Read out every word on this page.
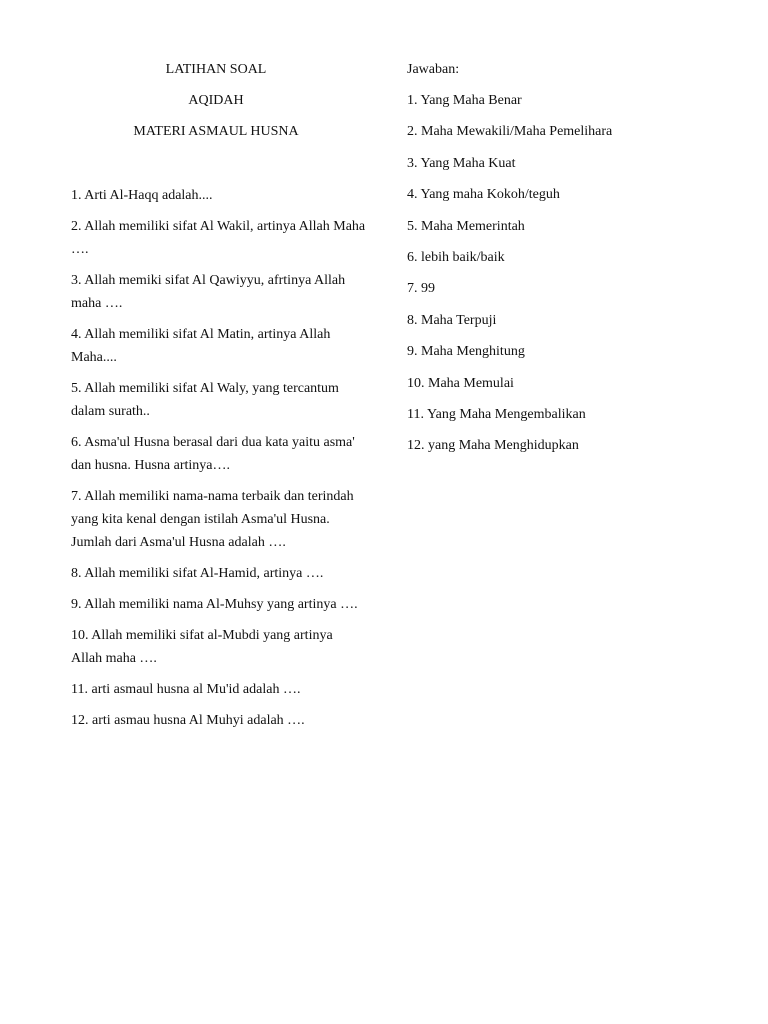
LATIHAN SOAL

AQIDAH

MATERI ASMAUL HUSNA

1. Arti Al-Haqq adalah....

2. Allah memiliki sifat Al Wakil, artinya Allah Maha ….

3. Allah memiki sifat Al Qawiyyu, afrtinya Allah maha ….

4. Allah memiliki sifat Al Matin, artinya Allah Maha....

5. Allah memiliki sifat Al Waly, yang tercantum dalam surath..

6. Asma'ul Husna berasal dari dua kata yaitu asma' dan husna. Husna artinya….

7. Allah memiliki nama-nama terbaik dan terindah yang kita kenal dengan istilah Asma'ul Husna. Jumlah dari Asma'ul Husna adalah ….

8. Allah memiliki sifat Al-Hamid, artinya ….

9. Allah memiliki nama Al-Muhsy yang artinya ….

10. Allah memiliki sifat al-Mubdi yang artinya Allah maha ….

11. arti asmaul husna al Mu'id adalah ….

12. arti asmau husna Al Muhyi adalah ….

Jawaban:

1. Yang Maha Benar

2. Maha Mewakili/Maha Pemelihara

3. Yang Maha Kuat

4. Yang maha Kokoh/teguh

5. Maha Memerintah

6. lebih baik/baik

7. 99

8. Maha Terpuji

9. Maha Menghitung

10. Maha Memulai

11. Yang Maha Mengembalikan

12. yang Maha Menghidupkan
